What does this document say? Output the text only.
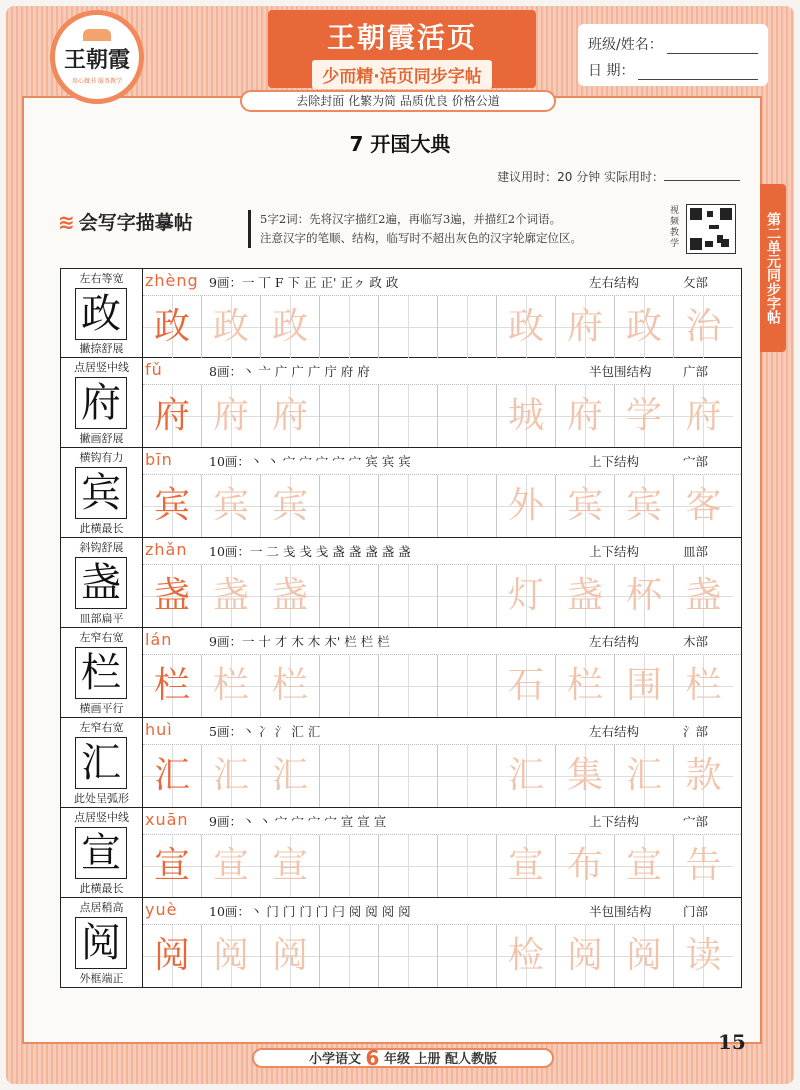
王朝霞
用心做书 服务教学
王朝霞活页
少而精·活页同步字帖
去除封面 化繁为简 品质优良 价格公道
班级/姓名：
日 期：
7 开国大典
建议用时：20 分钟 实际用时：
第二单元同步字帖
≋ 会写字描摹帖	5字2词：先将汉字描红2遍，再临写3遍，并描红2个词语。
注意汉字的笔顺、结构，临写时不超出灰色的汉字轮廓定位区。
视频教学
左右等宽
政
撇捺舒展
zhèng 9画：一 丅 F 下 正 正' 正ㇰ 政 政	左右结构	攵部
政 政 政	政 府 政 治
点居竖中线
府
撇画舒展
fǔ	8画：丶 亠 广 广 广 庁 府 府	半包围结构	广部
府 府 府	城 府 学 府
横钩有力
宾
此横最长
bīn	10画：丶 丶 宀 宀 宀 宀 宀 宾 宾 宾	上下结构	宀部
宾 宾 宾	外 宾 宾 客
斜钩舒展
盏
皿部扁平
zhǎn	10画：一 二 戋 戋 戋 盏 盏 盏 盏 盏	上下结构	皿部
盏 盏 盏	灯 盏 杯 盏
左窄右宽
栏
横画平行
lán	9画：一 十 才 木 木 木' 栏 栏 栏	左右结构	木部
栏 栏 栏	石 栏 围 栏
左窄右宽
汇
此处呈弧形
huì	5画：丶 冫 氵 汇 汇	左右结构	氵部
汇 汇 汇	汇 集 汇 款
点居竖中线
宣
此横最长
xuān	9画：丶 丶 宀 宀 宀 宀 宣 宣 宣	上下结构	宀部
宣 宣 宣	宣 布 宣 告
点居稍高
阅
外框端正
yuè	10画：丶 门 门 门 门 闩 阅 阅 阅 阅	半包围结构	门部
阅 阅 阅	检 阅 阅 读
小学语文 6 年级 上册 配人教版
15
